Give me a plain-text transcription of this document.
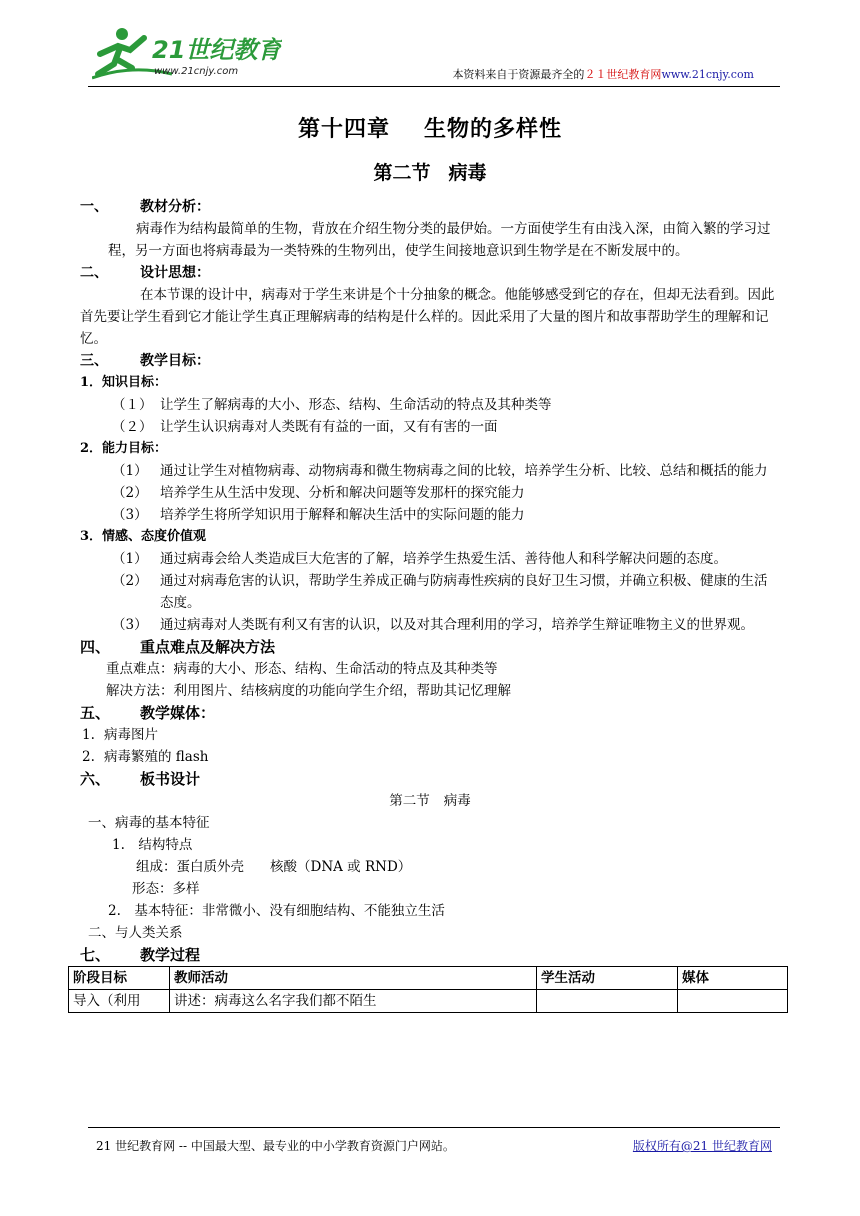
21世纪教育
www.21cnjy.com	本资料来自于资源最齐全的２１世纪教育网www.21cnjy.com
第十四章 生物的多样性
第二节 病毒
一、	教材分析：
病毒作为结构最简单的生物，背放在介绍生物分类的最伊始。一方面使学生有由浅入深，由简入繁的学习过程，另一方面也将病毒最为一类特殊的生物列出，使学生间接地意识到生物学是在不断发展中的。
二、	设计思想：
在本节课的设计中，病毒对于学生来讲是个十分抽象的概念。他能够感受到它的存在，但却无法看到。因此首先要让学生看到它才能让学生真正理解病毒的结构是什么样的。因此采用了大量的图片和故事帮助学生的理解和记忆。
三、	教学目标：
1．知识目标：
（１） 让学生了解病毒的大小、形态、结构、生命活动的特点及其种类等
（２） 让学生认识病毒对人类既有有益的一面，又有有害的一面
2．能力目标：
（1） 通过让学生对植物病毒、动物病毒和微生物病毒之间的比较，培养学生分析、比较、总结和概括的能力
（2） 培养学生从生活中发现、分析和解决问题等发那杆的探究能力
（3） 培养学生将所学知识用于解释和解决生活中的实际问题的能力
3．情感、态度价值观
（1） 通过病毒会给人类造成巨大危害的了解，培养学生热爱生活、善待他人和科学解决问题的态度。
（2） 通过对病毒危害的认识，帮助学生养成正确与防病毒性疾病的良好卫生习惯，并确立积极、健康的生活态度。
（3） 通过病毒对人类既有利又有害的认识，以及对其合理利用的学习，培养学生辩证唯物主义的世界观。
四、	重点难点及解决方法
重点难点：病毒的大小、形态、结构、生命活动的特点及其种类等
解决方法：利用图片、结核病度的功能向学生介绍，帮助其记忆理解
五、	教学媒体：
1. 病毒图片
2. 病毒繁殖的 flash
六、	板书设计
第二节 病毒
一、病毒的基本特征
1.　结构特点
组成：蛋白质外壳 核酸（DNA 或 RND）
形态：多样
2.　基本特征：非常微小、没有细胞结构、不能独立生活
二、与人类关系
七、	教学过程
阶段目标	教师活动	学生活动	媒体
导入（利用	讲述：病毒这么名字我们都不陌生		
21 世纪教育网 -- 中国最大型、最专业的中小学教育资源门户网站。	版权所有@21 世纪教育网
